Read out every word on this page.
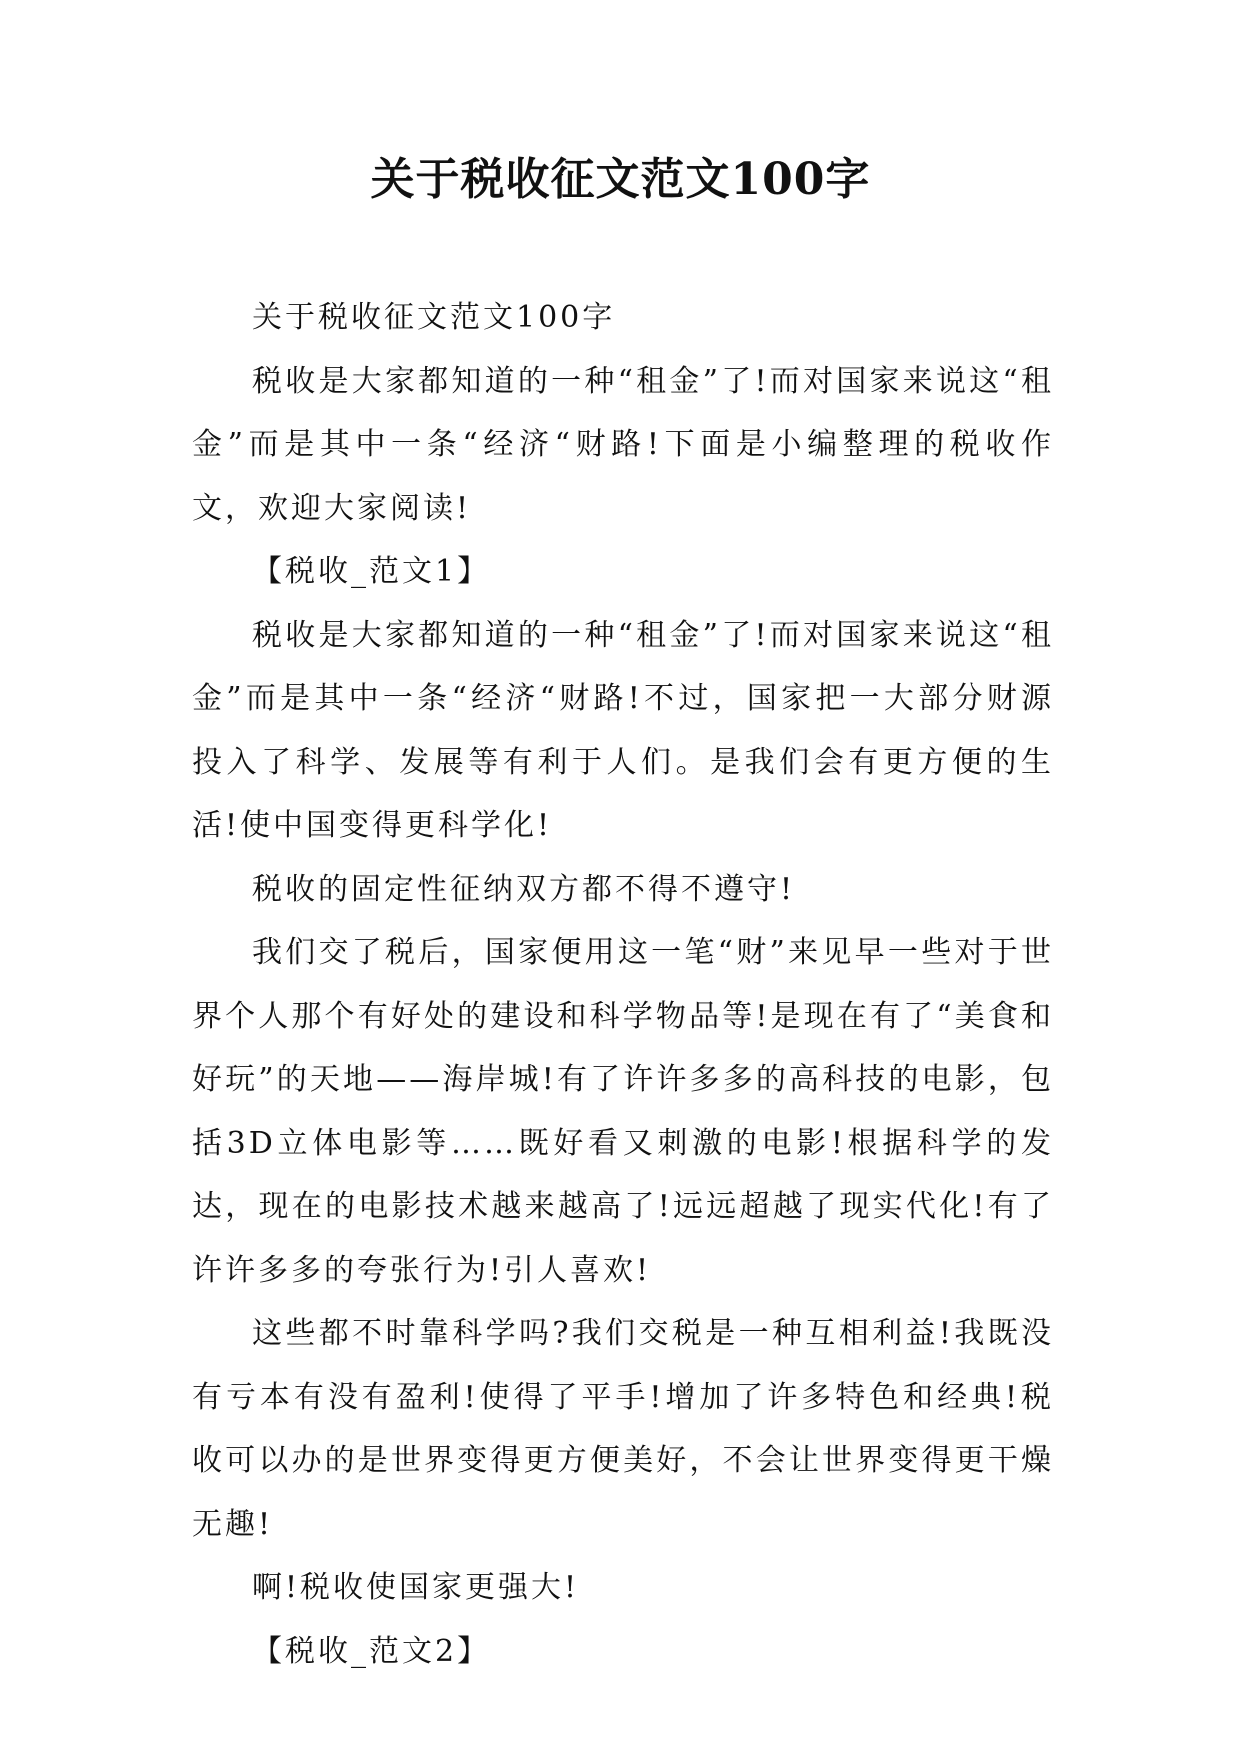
关于税收征文范文100字

关于税收征文范文100字

税收是大家都知道的一种“租金”了!而对国家来说这“租金”而是其中一条“经济“财路!下面是小编整理的税收作文，欢迎大家阅读!

【税收_范文1】

税收是大家都知道的一种“租金”了!而对国家来说这“租金”而是其中一条“经济“财路!不过，国家把一大部分财源投入了科学、发展等有利于人们。是我们会有更方便的生活!使中国变得更科学化!

税收的固定性征纳双方都不得不遵守!

我们交了税后，国家便用这一笔“财”来见早一些对于世界个人那个有好处的建设和科学物品等!是现在有了“美食和好玩”的天地——海岸城!有了许许多多的高科技的电影，包括3D立体电影等……既好看又刺激的电影!根据科学的发达，现在的电影技术越来越高了!远远超越了现实代化!有了许许多多的夸张行为!引人喜欢!

这些都不时靠科学吗?我们交税是一种互相利益!我既没有亏本有没有盈利!使得了平手!增加了许多特色和经典!税收可以办的是世界变得更方便美好，不会让世界变得更干燥无趣!

啊!税收使国家更强大!

【税收_范文2】
